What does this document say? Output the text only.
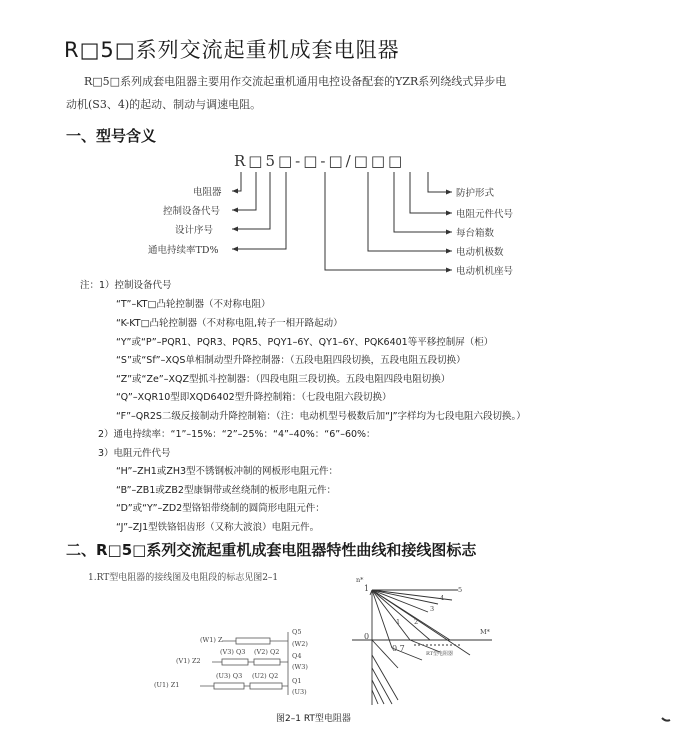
R□5□系列交流起重机成套电阻器
R□5□系列成套电阻器主要用作交流起重机通用电控设备配套的YZR系列绕线式异步电
动机(S3、4)的起动、制动与调速电阻。
一、型号含义
R□5□-□-□/□□□
电阻器
控制设备代号
设计序号
通电持续率TD%
防护形式
电阻元件代号
每台箱数
电动机极数
电动机机座号
注：1）控制设备代号
“T”–KT□凸轮控制器（不对称电阻）
“K-KT□凸轮控制器（不对称电阻,转子一相开路起动）
“Y”或“P”–PQR1、PQR3、PQR5、PQY1–6Y、QY1–6Y、PQK6401等平移控制屏（柜）
“S”或“Sf”–XQS单相制动型升降控制器：（五段电阻四段切换，五段电阻五段切换）
“Z”或“Ze”–XQZ型抓斗控制器：（四段电阻三段切换。五段电阻四段电阻切换）
“Q”–XQR10型即XQD6402型升降控制箱：（七段电阻六段切换）
“F”–QR2S二级反接制动升降控制箱：（注：电动机型号极数后加“J”字样均为七段电阻六段切换。）
2）通电持续率：“1”–15%：“2”–25%：“4”–40%：“6”–60%：
3）电阻元件代号
“H”–ZH1或ZH3型不锈钢板冲制的网板形电阻元件：
“B”–ZB1或ZB2型康铜带或丝绕制的板形电阻元件：
“D”或“Y”–ZD2型铬铝带绕制的圆筒形电阻元件：
“J”–ZJ1型铁铬铝齿形（又称大波浪）电阻元件。
二、R□5□系列交流起重机成套电阻器特性曲线和接线图标志
1.RT型电阻器的接线图及电阻段的标志见图2–1
(W1) Z
Q5
(W2)
(V1) Z2
(V3) Q3 (V2) Q2 Q4
(W3)
(U1) Z1
(U3) Q3 (U2) Q2
Q1
(U3)
n*
1
M*
0
0.7
1 2
3
4
5
RT型电阻器
图2–1 RT型电阻器
